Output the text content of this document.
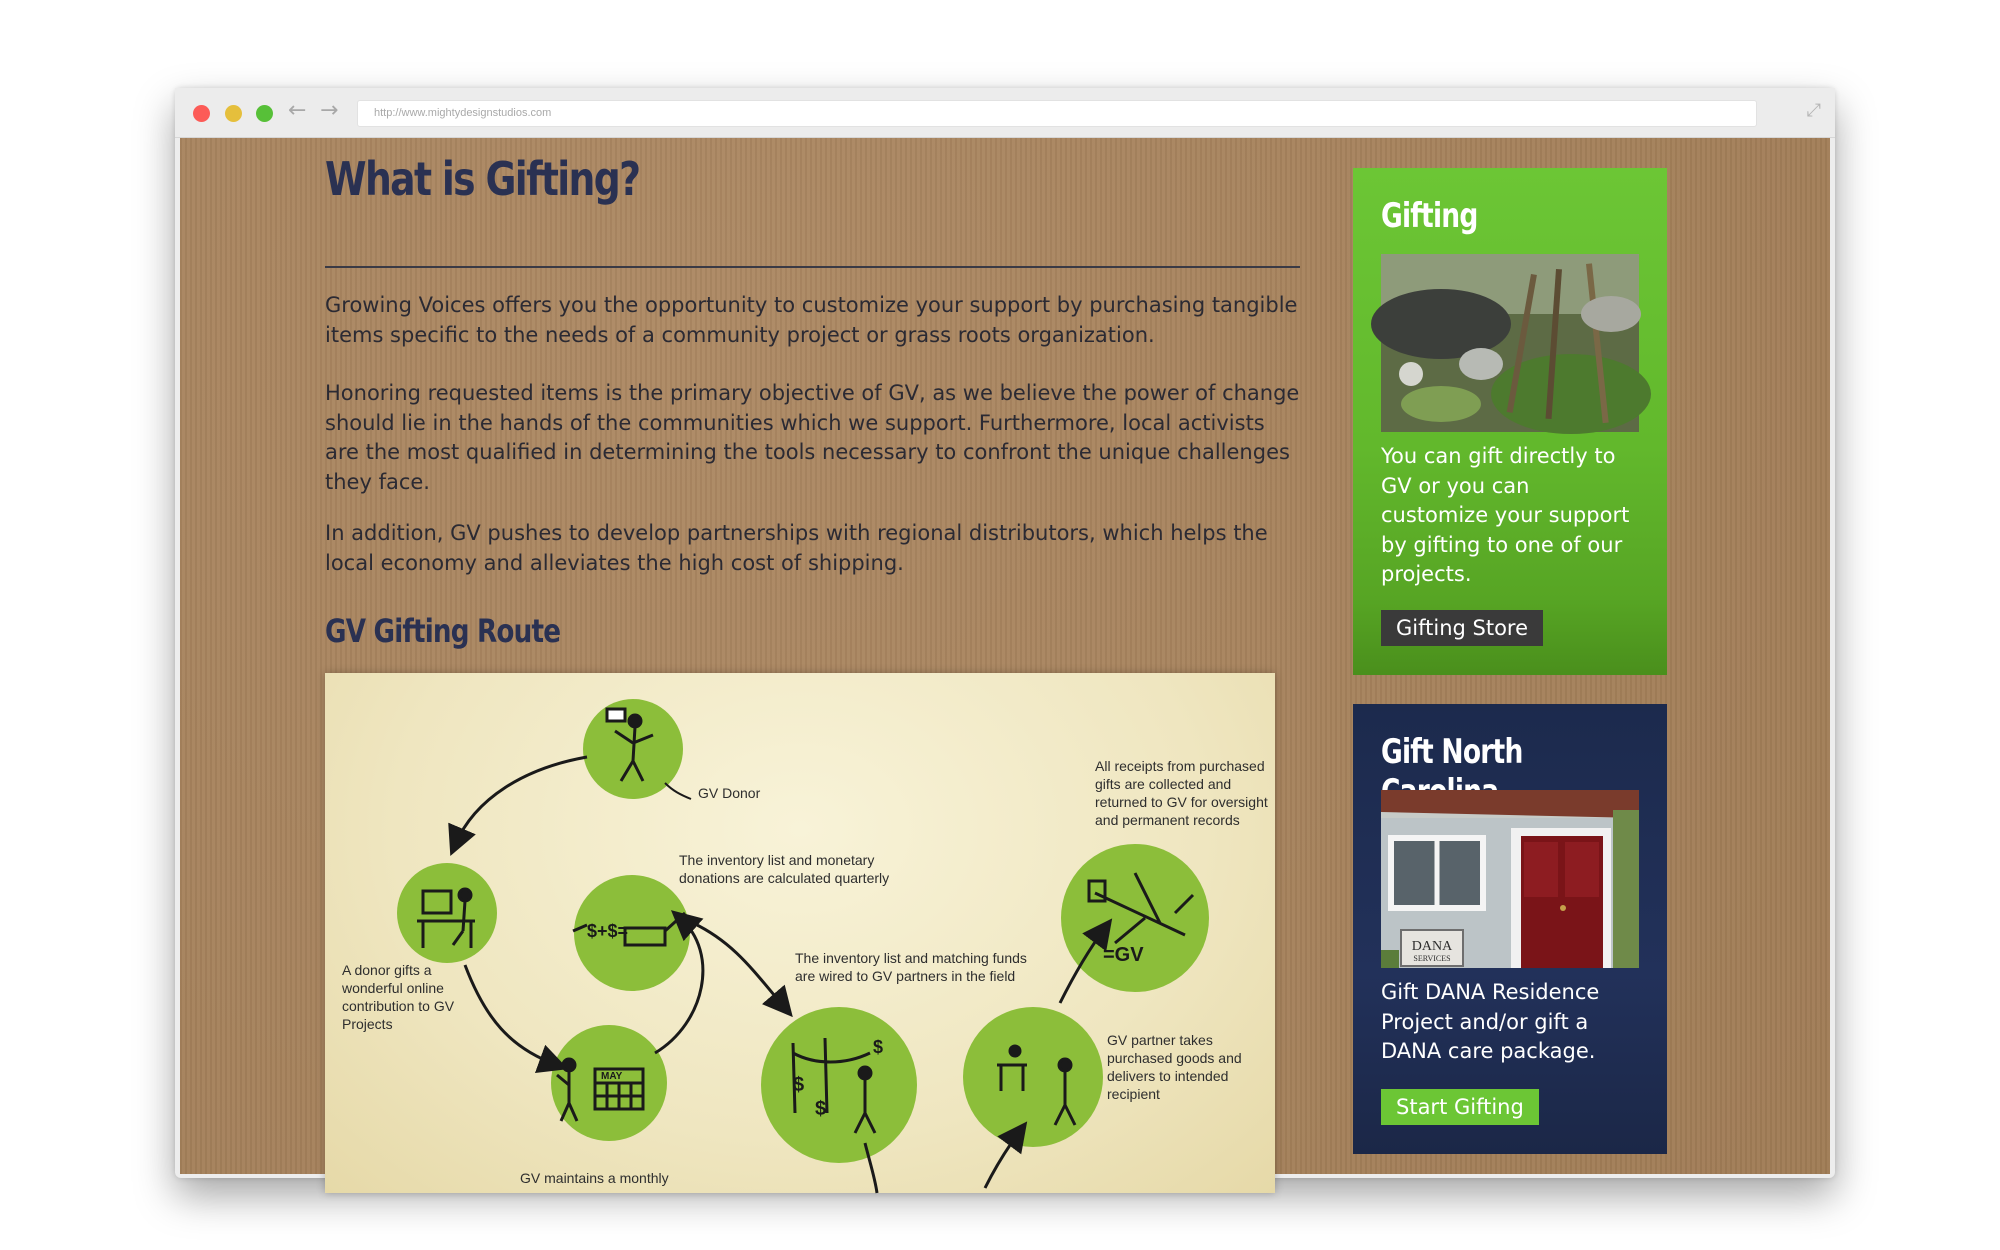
← →	http://www.mightydesignstudios.com	⤢
What is Gifting?

Growing Voices offers you the opportunity to customize your support by purchasing tangible items specific to the needs of a community project or grass roots organization.

Honoring requested items is the primary objective of GV, as we believe the power of change should lie in the hands of the communities which we support. Furthermore, local activists are the most qualified in determining the tools necessary to confront the unique challenges they face.

In addition, GV pushes to develop partnerships with regional distributors, which helps the local economy and alleviates the high cost of shipping.

GV Gifting Route
$+$=
MAY	$
$
$
=GV
GV Donor
The inventory list and monetary donations are calculated quarterly
All receipts from purchased gifts are collected and returned to GV for oversight and permanent records
A donor gifts a wonderful online contribution to GV Projects
The inventory list and matching funds are wired to GV partners in the field
GV partner takes purchased goods and delivers to intended recipient
GV maintains a monthly
Gifting

You can gift directly to GV or you can customize your support by gifting to one of our projects.

Gifting Store
Gift North
DANA
SERVICES

Gift DANA Residence Project and/or gift a DANA care package.

Start Gifting
